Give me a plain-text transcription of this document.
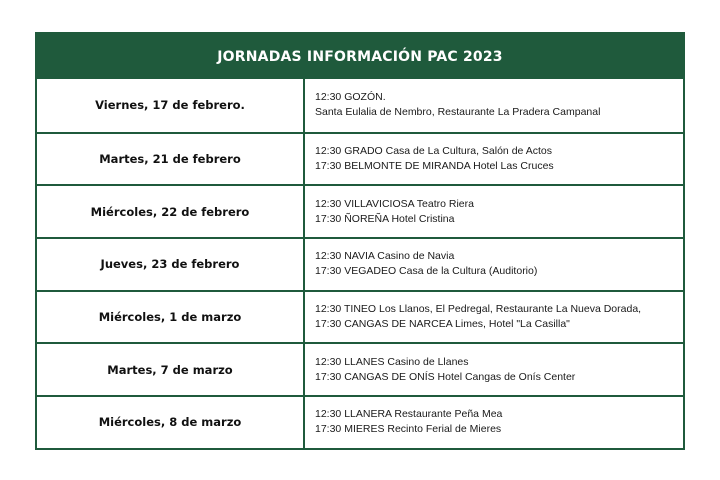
JORNADAS INFORMACIÓN PAC 2023
Viernes, 17 de febrero.
12:30 GOZÓN.
Santa Eulalia de Nembro, Restaurante La Pradera Campanal
Martes, 21 de febrero
12:30 GRADO Casa de La Cultura, Salón de Actos
17:30 BELMONTE DE MIRANDA Hotel Las Cruces
Miércoles, 22 de febrero
12:30 VILLAVICIOSA Teatro Riera
17:30 ÑOREÑA Hotel Cristina
Jueves, 23 de febrero
12:30 NAVIA Casino de Navia
17:30 VEGADEO Casa de la Cultura (Auditorio)
Miércoles, 1 de marzo
12:30 TINEO Los Llanos, El Pedregal, Restaurante La Nueva Dorada,
17:30 CANGAS DE NARCEA Limes, Hotel "La Casilla"
Martes, 7 de marzo
12:30 LLANES Casino de Llanes
17:30 CANGAS DE ONÍS Hotel Cangas de Onís Center
Miércoles, 8 de marzo
12:30 LLANERA Restaurante Peña Mea
17:30 MIERES Recinto Ferial de Mieres
